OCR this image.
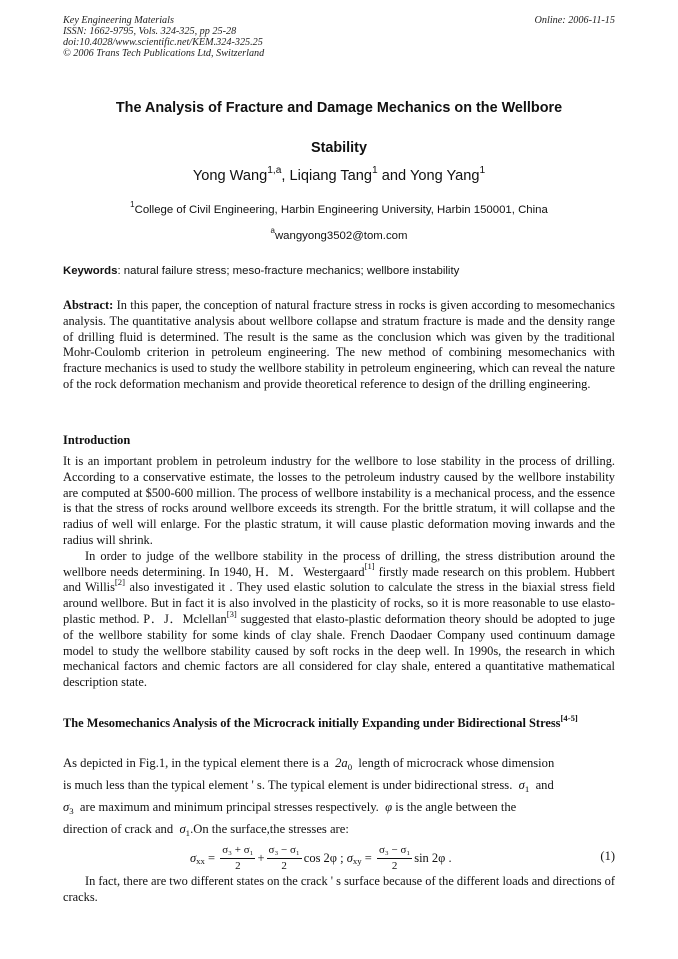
Key Engineering Materials
ISSN: 1662-9795, Vols. 324-325, pp 25-28
doi:10.4028/www.scientific.net/KEM.324-325.25
© 2006 Trans Tech Publications Ltd, Switzerland
Online: 2006-11-15
The Analysis of Fracture and Damage Mechanics on the Wellbore
Stability
Yong Wang$^{1,a}$, Liqiang Tang$^1$ and Yong Yang$^1$
$^1$College of Civil Engineering, Harbin Engineering University, Harbin 150001, China
$^a$wangyong3502@tom.com
Keywords: natural failure stress; meso-fracture mechanics; wellbore instability

Abstract: In this paper, the conception of natural fracture stress in rocks is given according to mesomechanics analysis. The quantitative analysis about wellbore collapse and stratum fracture is made and the density range of drilling fluid is determined. The result is the same as the conclusion which was given by the traditional Mohr-Coulomb criterion in petroleum engineering. The new method of combining mesomechanics with fracture mechanics is used to study the wellbore stability in petroleum engineering, which can reveal the nature of the rock deformation mechanism and provide theoretical reference to design of the drilling engineering.

Introduction

It is an important problem in petroleum industry for the wellbore to lose stability in the process of drilling. According to a conservative estimate, the losses to the petroleum industry caused by the wellbore instability are computed at $500-600 million. The process of wellbore instability is a mechanical process, and the essence is that the stress of rocks around wellbore exceeds its strength. For the brittle stratum, it will collapse and the radius of well will enlarge. For the plastic stratum, it will cause plastic deformation moving inwards and the radius will shrink.

In order to judge of the wellbore stability in the process of drilling, the stress distribution around the wellbore needs determining. In 1940, H．M．Westergaard[1] firstly made research on this problem. Hubbert and Willis[2] also investigated it . They used elastic solution to calculate the stress in the biaxial stress field around wellbore. But in fact it is also involved in the plasticity of rocks, so it is more reasonable to use elasto-plastic method. P．J．Mclellan[3] suggested that elasto-plastic deformation theory should be adopted to juge of the wellbore stability for some kinds of clay shale. French Daodaer Company used continuum damage model to study the wellbore stability caused by soft rocks in the deep well. In 1990s, the research in which mechanical factors and chemic factors are all considered for clay shale, entered a quantitative mathematical description state.

The Mesomechanics Analysis of the Microcrack initially Expanding under Bidirectional Stress[4-5]
As depicted in Fig.1, in the typical element there is a  $2a_0$  length of microcrack whose dimension
is much less than the typical element ' s. The typical element is under bidirectional stress. $\sigma_1$  and
$\sigma_3$  are maximum and minimum principal stresses respectively. φ is the angle between the
direction of crack and  $\sigma_1.On$ the surface,the stresses are:
σ xx
=
$\frac{\text{σ₃ + σ₁}}{2} + \frac{\text{σ₃ − σ₁}}{2}$ cos 2φ ;
σ xy
=
$\frac{\text{σ₃ − σ₁}}{2}$ sin 2φ .	(1)

In fact, there are two different states on the crack ' s surface because of the different loads and directions of cracks.
